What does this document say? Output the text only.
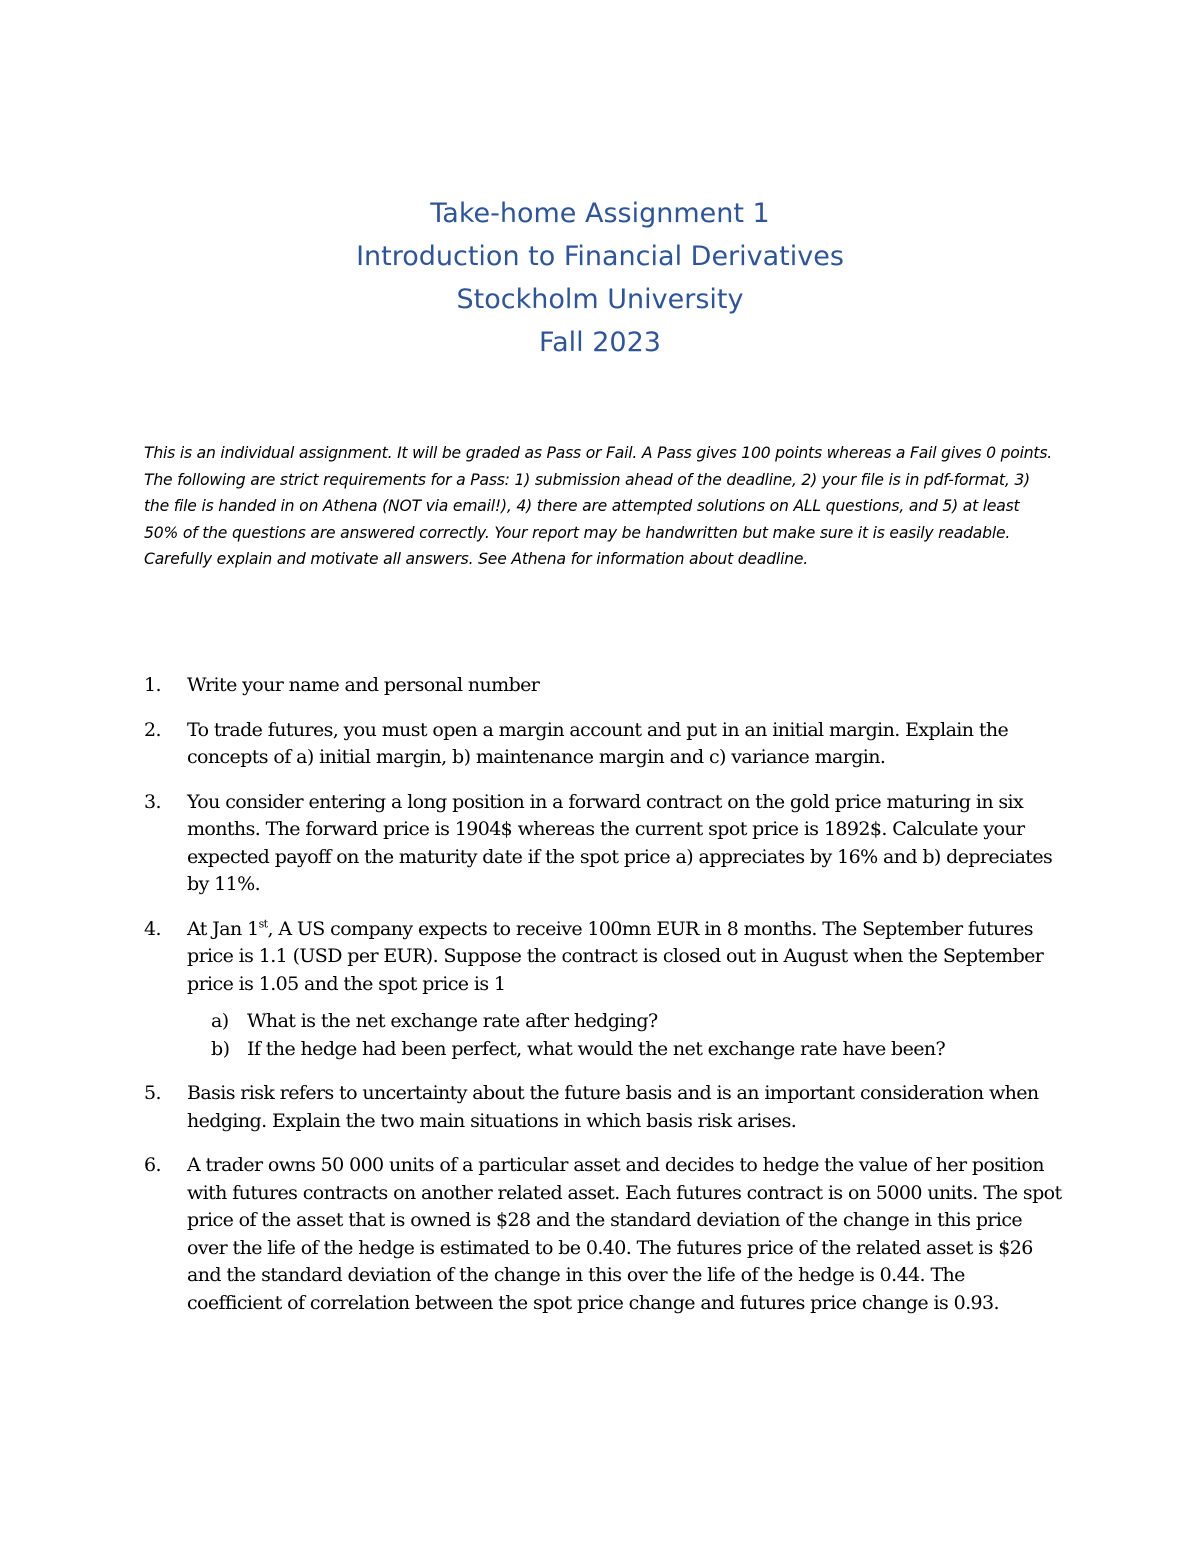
Take-home Assignment 1
Introduction to Financial Derivatives
Stockholm University
Fall 2023
This is an individual assignment. It will be graded as Pass or Fail. A Pass gives 100 points whereas a Fail gives 0 points. The following are strict requirements for a Pass: 1) submission ahead of the deadline, 2) your file is in pdf-format, 3) the file is handed in on Athena (NOT via email!), 4) there are attempted solutions on ALL questions, and 5) at least 50% of the questions are answered correctly. Your report may be handwritten but make sure it is easily readable. Carefully explain and motivate all answers. See Athena for information about deadline.
1. Write your name and personal number
2. To trade futures, you must open a margin account and put in an initial margin. Explain the concepts of a) initial margin, b) maintenance margin and c) variance margin.
3. You consider entering a long position in a forward contract on the gold price maturing in six months. The forward price is 1904$ whereas the current spot price is 1892$. Calculate your expected payoff on the maturity date if the spot price a) appreciates by 16% and b) depreciates by 11%.
4. At Jan 1st, A US company expects to receive 100mn EUR in 8 months. The September futures price is 1.1 (USD per EUR). Suppose the contract is closed out in August when the September price is 1.05 and the spot price is 1
a) What is the net exchange rate after hedging?
b) If the hedge had been perfect, what would the net exchange rate have been?
5. Basis risk refers to uncertainty about the future basis and is an important consideration when hedging. Explain the two main situations in which basis risk arises.
6. A trader owns 50 000 units of a particular asset and decides to hedge the value of her position with futures contracts on another related asset. Each futures contract is on 5000 units. The spot price of the asset that is owned is $28 and the standard deviation of the change in this price over the life of the hedge is estimated to be 0.40. The futures price of the related asset is $26 and the standard deviation of the change in this over the life of the hedge is 0.44. The coefficient of correlation between the spot price change and futures price change is 0.93.
